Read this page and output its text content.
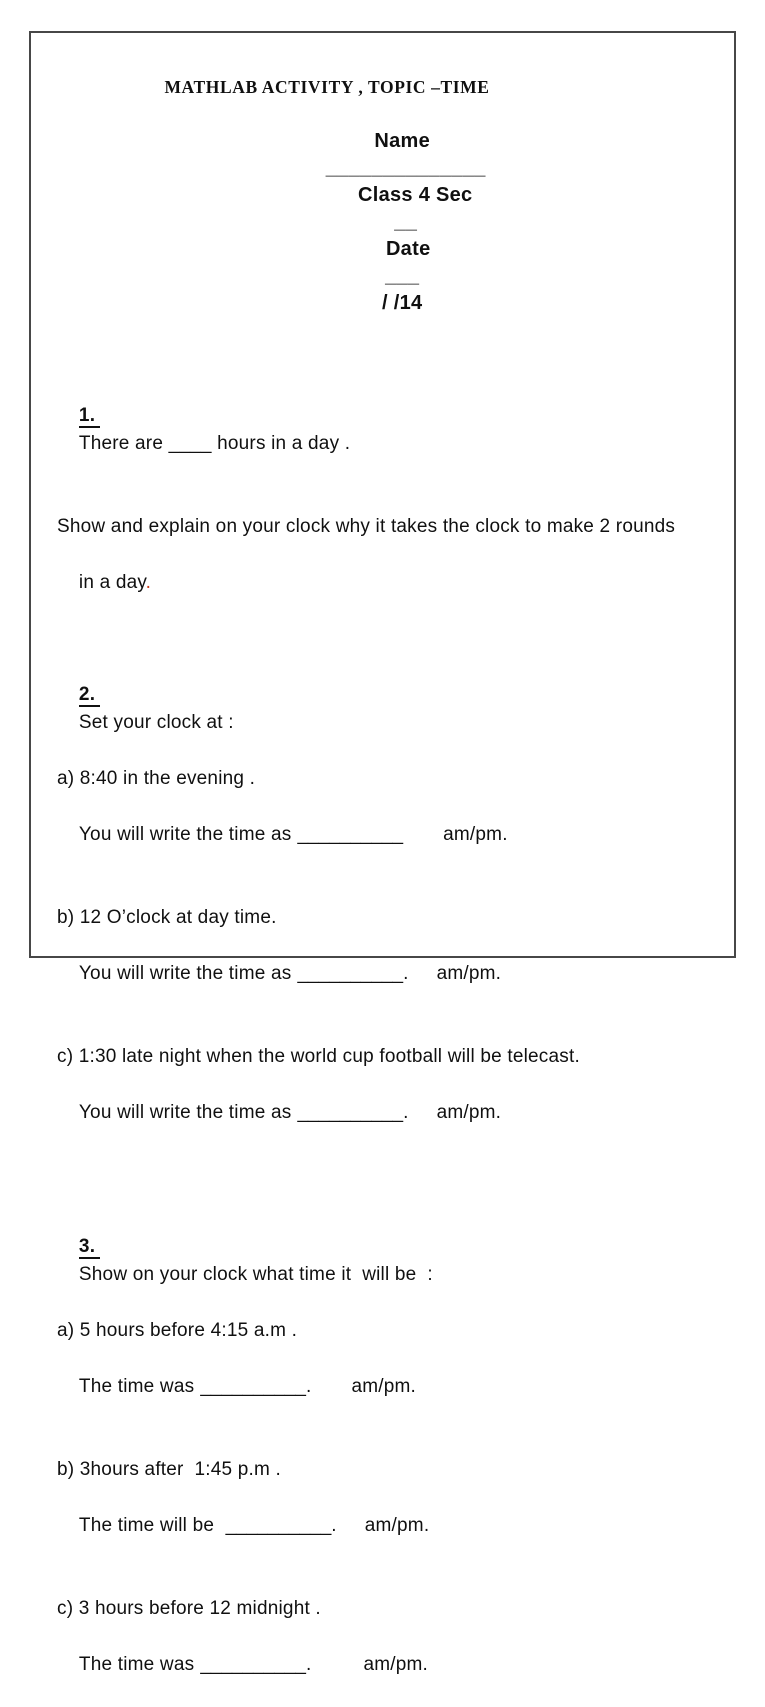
MATHLAB ACTIVITY , TOPIC –TIME

Name
______________
Class 4 Sec
__
Date
___
/ /14

1.
There are ____ hours in a day .

Show and explain on your clock why it takes the clock to make 2 rounds

in a day.

2.
Set your clock at :

a) 8:40 in the evening .

You will write the time as __________ am/pm.

b) 12 O’clock at day time.

You will write the time as __________. am/pm.

c) 1:30 late night when the world cup football will be telecast.

You will write the time as __________. am/pm.

3.
Show on your clock what time it  will be  :

a) 5 hours before 4:15 a.m .

The time was __________. am/pm.

b) 3hours after  1:45 p.m .

The time will be __________. am/pm.

c) 3 hours before 12 midnight .

The time was __________.	am/pm.
